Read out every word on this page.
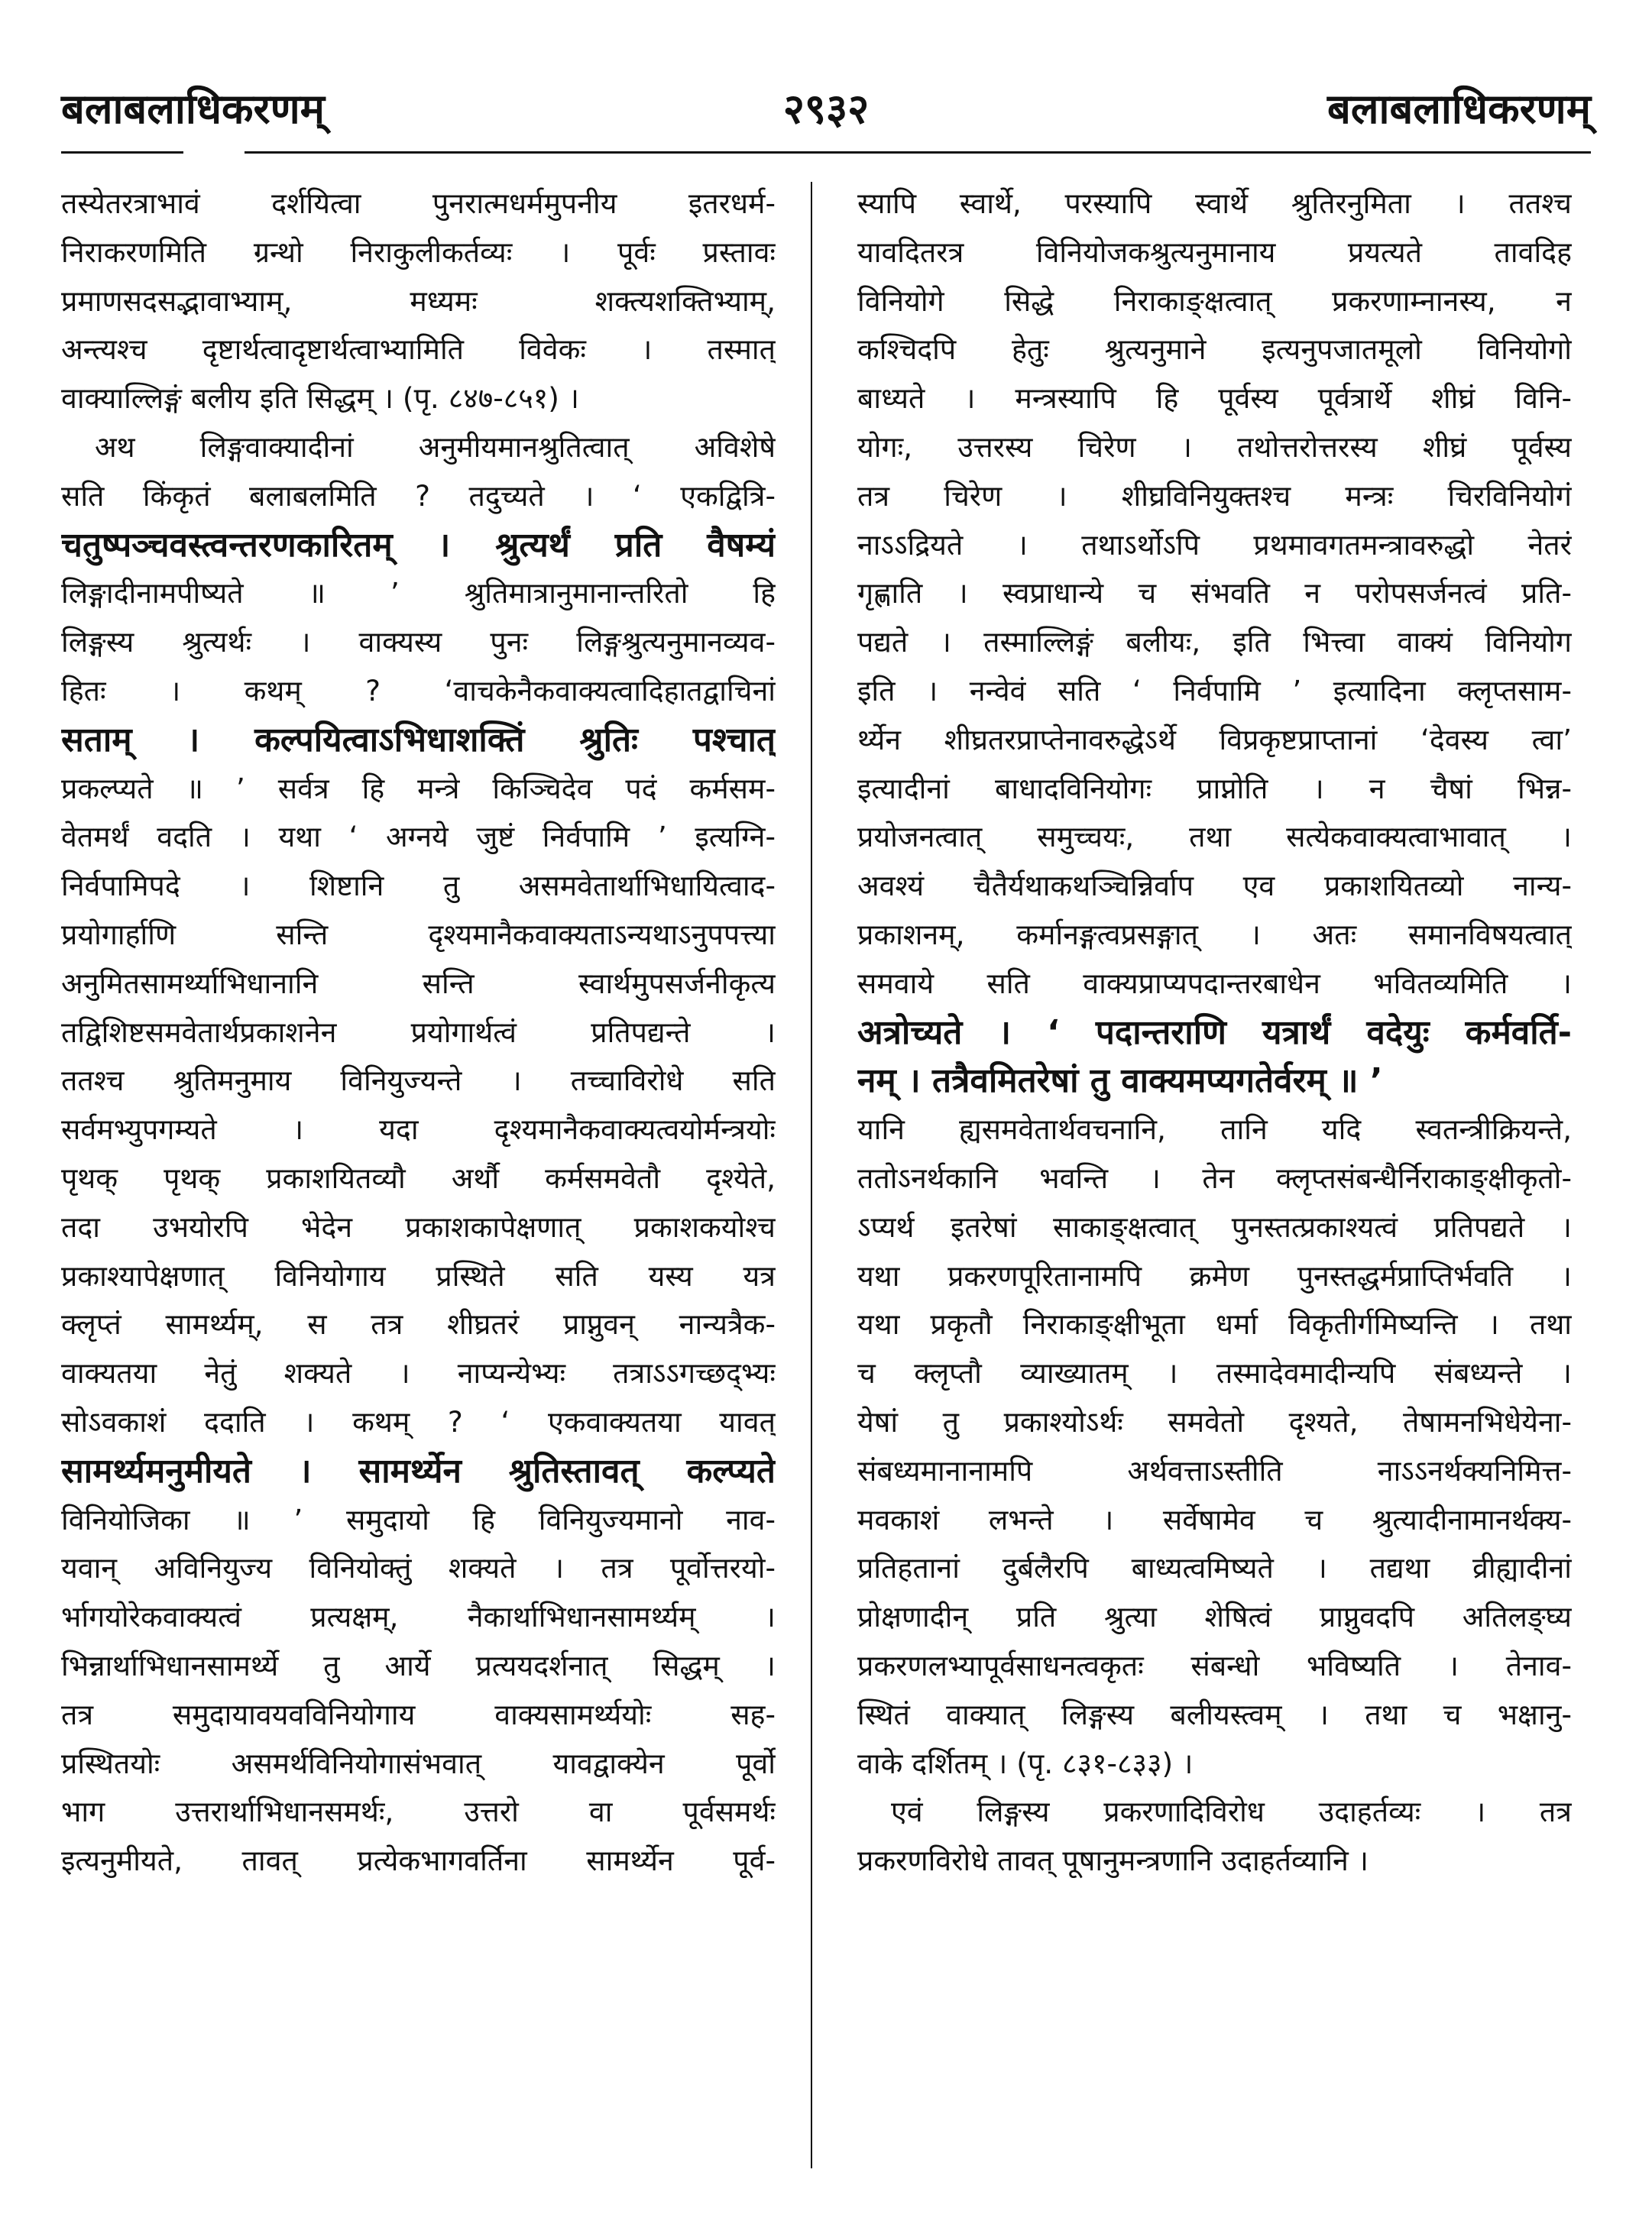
बलाबलाधिकरणम्	२९३२	बलाबलाधिकरणम्
तस्येतरत्राभावं दर्शयित्वा पुनरात्मधर्ममुपनीय इतरधर्म-
निराकरणमिति ग्रन्थो निराकुलीकर्तव्यः । पूर्वः प्रस्तावः
प्रमाणसदसद्भावाभ्याम्, मध्यमः शक्त्यशक्तिभ्याम्,
अन्त्यश्च दृष्टार्थत्वादृष्टार्थत्वाभ्यामिति विवेकः । तस्मात्
वाक्याल्लिङ्गं बलीय इति सिद्धम् । (पृ. ८४७-८५१) ।
अथ लिङ्गवाक्यादीनां अनुमीयमानश्रुतित्वात् अविशेषे
सति किंकृतं बलाबलमिति ? तदुच्यते । ‘ एकद्वित्रि-
चतुष्पञ्चवस्त्वन्तरणकारितम् । श्रुत्यर्थं प्रति वैषम्यं
लिङ्गादीनामपीष्यते ॥ ’ श्रुतिमात्रानुमानान्तरितो हि
लिङ्गस्य श्रुत्यर्थः । वाक्यस्य पुनः लिङ्गश्रुत्यनुमानव्यव-
हितः । कथम् ? ‘वाचकेनैकवाक्यत्वादिहातद्वाचिनां
सताम् । कल्पयित्वाऽभिधाशक्तिं श्रुतिः पश्चात्
प्रकल्प्यते ॥ ’ सर्वत्र हि मन्त्रे किञ्चिदेव पदं कर्मसम-
वेतमर्थं वदति । यथा ‘ अग्नये जुष्टं निर्वपामि ’ इत्यग्नि-
निर्वपामिपदे । शिष्टानि तु असमवेतार्थाभिधायित्वाद-
प्रयोगार्हाणि सन्ति दृश्यमानैकवाक्यताऽन्यथाऽनुपपत्त्या
अनुमितसामर्थ्याभिधानानि सन्ति स्वार्थमुपसर्जनीकृत्य
तद्विशिष्टसमवेतार्थप्रकाशनेन प्रयोगार्थत्वं प्रतिपद्यन्ते ।
ततश्च श्रुतिमनुमाय विनियुज्यन्ते । तच्चाविरोधे सति
सर्वमभ्युपगम्यते । यदा दृश्यमानैकवाक्यत्वयोर्मन्त्रयोः
पृथक् पृथक् प्रकाशयितव्यौ अर्थौ कर्मसमवेतौ दृश्येते,
तदा उभयोरपि भेदेन प्रकाशकापेक्षणात् प्रकाशकयोश्च
प्रकाश्यापेक्षणात् विनियोगाय प्रस्थिते सति यस्य यत्र
क्लृप्तं सामर्थ्यम्, स तत्र शीघ्रतरं प्राप्नुवन् नान्यत्रैक-
वाक्यतया नेतुं शक्यते । नाप्यन्येभ्यः तत्राऽऽगच्छद्भ्यः
सोऽवकाशं ददाति । कथम् ? ‘ एकवाक्यतया यावत्
सामर्थ्यमनुमीयते । सामर्थ्येन श्रुतिस्तावत् कल्प्यते
विनियोजिका ॥ ’ समुदायो हि विनियुज्यमानो नाव-
यवान् अविनियुज्य विनियोक्तुं शक्यते । तत्र पूर्वोत्तरयो-
र्भागयोरेकवाक्यत्वं प्रत्यक्षम्, नैकार्थाभिधानसामर्थ्यम् ।
भिन्नार्थाभिधानसामर्थ्ये तु आर्ये प्रत्ययदर्शनात् सिद्धम् ।
तत्र समुदायावयवविनियोगाय वाक्यसामर्थ्ययोः सह-
प्रस्थितयोः असमर्थविनियोगासंभवात् यावद्वाक्येन पूर्वो
भाग उत्तरार्थाभिधानसमर्थः, उत्तरो वा पूर्वसमर्थः
इत्यनुमीयते, तावत् प्रत्येकभागवर्तिना सामर्थ्येन पूर्व-
स्यापि स्वार्थे, परस्यापि स्वार्थे श्रुतिरनुमिता । ततश्च
यावदितरत्र विनियोजकश्रुत्यनुमानाय प्रयत्यते तावदिह
विनियोगे सिद्धे निराकाङ्क्षत्वात् प्रकरणाम्नानस्य, न
कश्चिदपि हेतुः श्रुत्यनुमाने इत्यनुपजातमूलो विनियोगो
बाध्यते । मन्त्रस्यापि हि पूर्वस्य पूर्वत्रार्थे शीघ्रं विनि-
योगः, उत्तरस्य चिरेण । तथोत्तरोत्तरस्य शीघ्रं पूर्वस्य
तत्र चिरेण । शीघ्रविनियुक्तश्च मन्त्रः चिरविनियोगं
नाऽऽद्रियते । तथाऽर्थोऽपि प्रथमावगतमन्त्रावरुद्धो नेतरं
गृह्णाति । स्वप्राधान्ये च संभवति न परोपसर्जनत्वं प्रति-
पद्यते । तस्माल्लिङ्गं बलीयः, इति भित्त्वा वाक्यं विनियोग
इति । नन्वेवं सति ‘ निर्वपामि ’ इत्यादिना क्लृप्तसाम-
र्थ्येन शीघ्रतरप्राप्तेनावरुद्धेऽर्थे विप्रकृष्टप्राप्तानां ‘देवस्य त्वा’
इत्यादीनां बाधादविनियोगः प्राप्नोति । न चैषां भिन्न-
प्रयोजनत्वात् समुच्चयः, तथा सत्येकवाक्यत्वाभावात् ।
अवश्यं चैतैर्यथाकथञ्चिन्निर्वाप एव प्रकाशयितव्यो नान्य-
प्रकाशनम्, कर्मानङ्गत्वप्रसङ्गात् । अतः समानविषयत्वात्
समवाये सति वाक्यप्राप्यपदान्तरबाधेन भवितव्यमिति ।
अत्रोच्यते । ‘ पदान्तराणि यत्रार्थं वदेयुः कर्मवर्ति-
नम् । तत्रैवमितरेषां तु वाक्यमप्यगतेर्वरम् ॥ ’
यानि ह्यसमवेतार्थवचनानि, तानि यदि स्वतन्त्रीक्रियन्ते,
ततोऽनर्थकानि भवन्ति । तेन क्लृप्तसंबन्धैर्निराकाङ्क्षीकृतो-
ऽप्यर्थ इतरेषां साकाङ्क्षत्वात् पुनस्तत्प्रकाश्यत्वं प्रतिपद्यते ।
यथा प्रकरणपूरितानामपि क्रमेण पुनस्तद्धर्मप्राप्तिर्भवति ।
यथा प्रकृतौ निराकाङ्क्षीभूता धर्मा विकृतीर्गमिष्यन्ति । तथा
च क्लृप्तौ व्याख्यातम् । तस्मादेवमादीन्यपि संबध्यन्ते ।
येषां तु प्रकाश्योऽर्थः समवेतो दृश्यते, तेषामनभिधेयेना-
संबध्यमानानामपि अर्थवत्ताऽस्तीति नाऽऽनर्थक्यनिमित्त-
मवकाशं लभन्ते । सर्वेषामेव च श्रुत्यादीनामानर्थक्य-
प्रतिहतानां दुर्बलैरपि बाध्यत्वमिष्यते । तद्यथा व्रीह्यादीनां
प्रोक्षणादीन् प्रति श्रुत्या शेषित्वं प्राप्नुवदपि अतिलङ्घ्य
प्रकरणलभ्यापूर्वसाधनत्वकृतः संबन्धो भविष्यति । तेनाव-
स्थितं वाक्यात् लिङ्गस्य बलीयस्त्वम् । तथा च भक्षानु-
वाके दर्शितम् । (पृ. ८३१-८३३) ।
एवं लिङ्गस्य प्रकरणादिविरोध उदाहर्तव्यः । तत्र
प्रकरणविरोधे तावत् पूषानुमन्त्रणानि उदाहर्तव्यानि ।
